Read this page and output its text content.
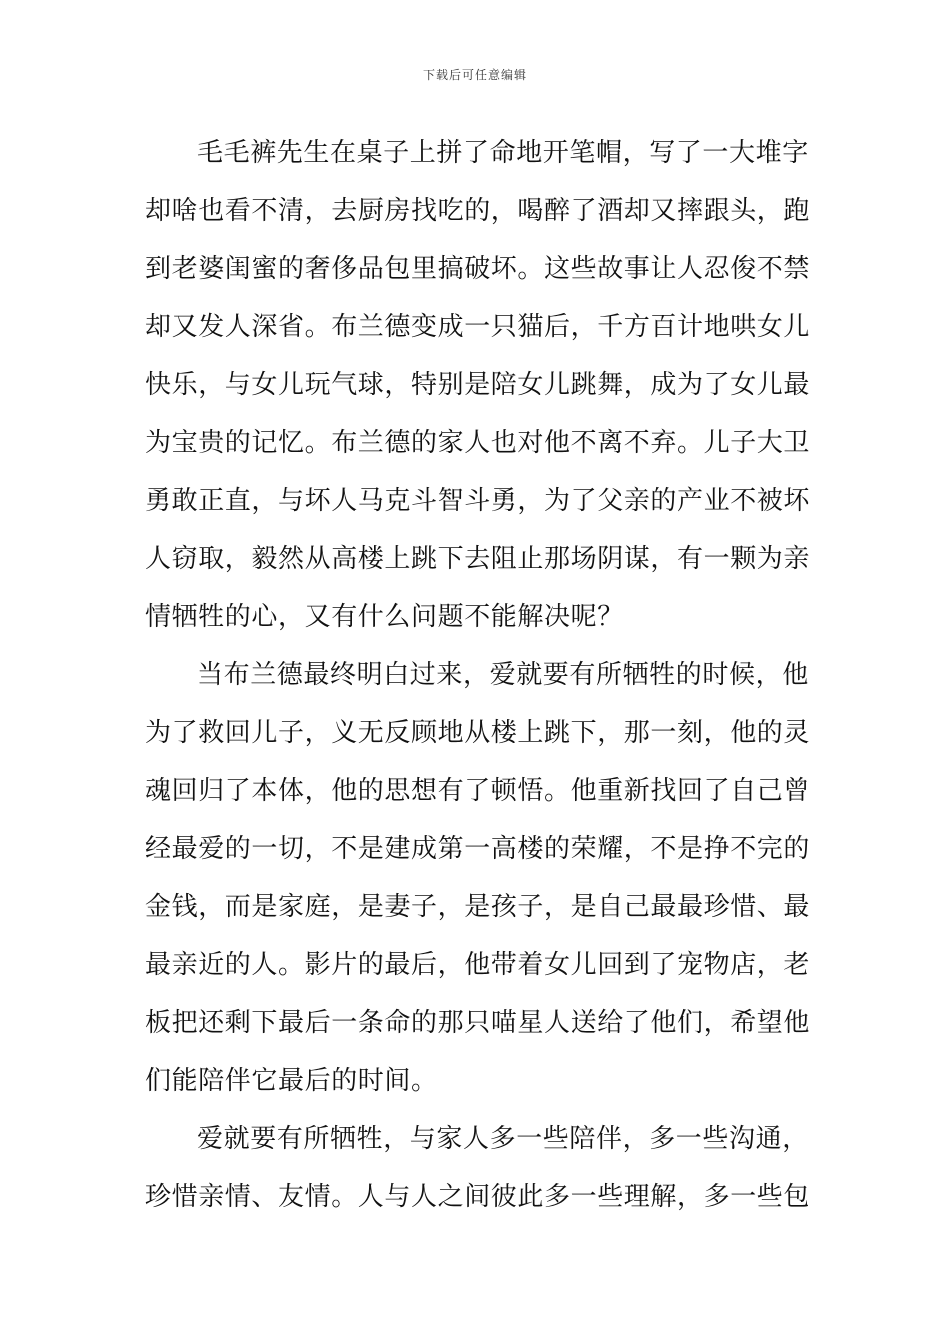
下载后可任意编辑
毛毛裤先生在桌子上拼了命地开笔帽，写了一大堆字
却啥也看不清，去厨房找吃的，喝醉了酒却又摔跟头，跑
到老婆闺蜜的奢侈品包里搞破坏。这些故事让人忍俊不禁
却又发人深省。布兰德变成一只猫后，千方百计地哄女儿
快乐，与女儿玩气球，特别是陪女儿跳舞，成为了女儿最
为宝贵的记忆。布兰德的家人也对他不离不弃。儿子大卫
勇敢正直，与坏人马克斗智斗勇，为了父亲的产业不被坏
人窃取，毅然从高楼上跳下去阻止那场阴谋，有一颗为亲
情牺牲的心，又有什么问题不能解决呢？
当布兰德最终明白过来，爱就要有所牺牲的时候，他
为了救回儿子，义无反顾地从楼上跳下，那一刻，他的灵
魂回归了本体，他的思想有了顿悟。他重新找回了自己曾
经最爱的一切，不是建成第一高楼的荣耀，不是挣不完的
金钱，而是家庭，是妻子，是孩子，是自己最最珍惜、最
最亲近的人。影片的最后，他带着女儿回到了宠物店，老
板把还剩下最后一条命的那只喵星人送给了他们，希望他
们能陪伴它最后的时间。
爱就要有所牺牲，与家人多一些陪伴，多一些沟通，
珍惜亲情、友情。人与人之间彼此多一些理解，多一些包
